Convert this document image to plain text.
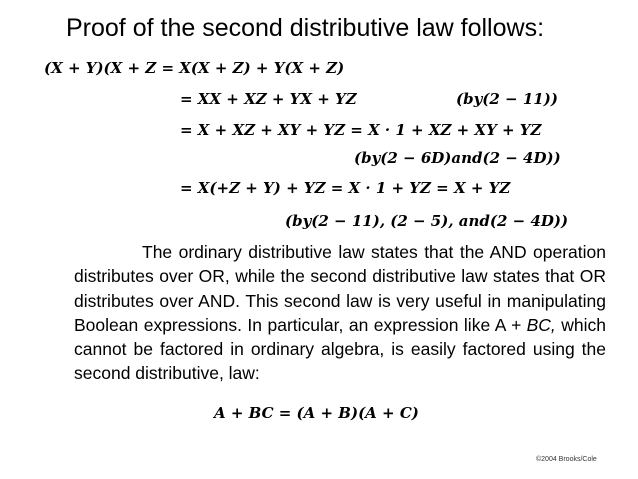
Proof of the second distributive law follows:
(X + Y)(X + Z = X(X + Z) + Y(X + Z)
= XX + XZ + YX + YZ	(by(2 − 11))
= X + XZ + XY + YZ = X · 1 + XZ + XY + YZ
(by(2 − 6D)and(2 − 4D))
= X(+Z + Y) + YZ = X · 1 + YZ = X + YZ
(by(2 − 11), (2 − 5), and(2 − 4D))

The ordinary distributive law states that the AND operation distributes over OR, while the second distributive law states that OR distributes over AND. This second law is very useful in manipulating Boolean expressions. In particular, an expression like A + BC, which cannot be factored in ordinary algebra, is easily factored using the second distributive, law:

A + BC = (A + B)(A + C)
©2004 Brooks/Cole
